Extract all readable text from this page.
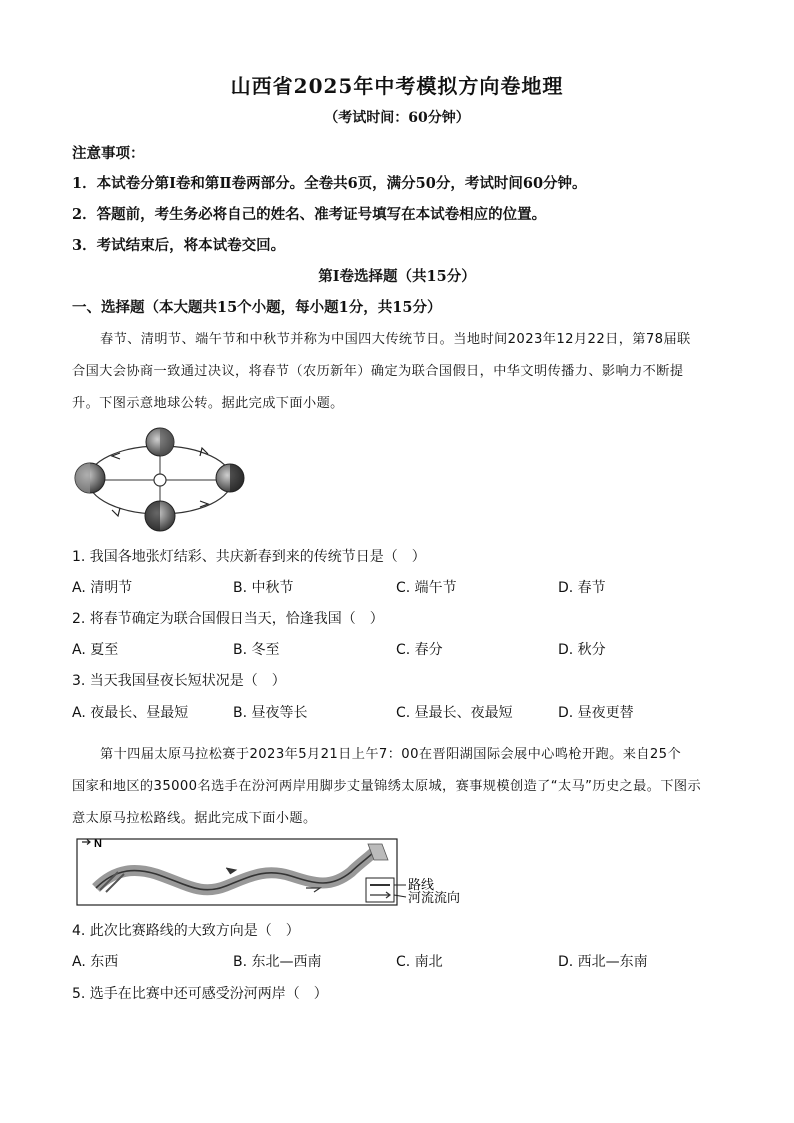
山西省2025年中考模拟方向卷地理
（考试时间：60分钟）
注意事项：
1．本试卷分第Ⅰ卷和第Ⅱ卷两部分。全卷共6页，满分50分，考试时间60分钟。
2．答题前，考生务必将自己的姓名、准考证号填写在本试卷相应的位置。
3．考试结束后，将本试卷交回。
第Ⅰ卷选择题（共15分）
一、选择题（本大题共15个小题，每小题1分，共15分）
春节、清明节、端午节和中秋节并称为中国四大传统节日。当地时间2023年12月22日，第78届联
合国大会协商一致通过决议，将春节（农历新年）确定为联合国假日，中华文明传播力、影响力不断提
升。下图示意地球公转。据此完成下面小题。
1. 我国各地张灯结彩、共庆新春到来的传统节日是（　）
A. 清明节	B. 中秋节	C. 端午节	D. 春节
2. 将春节确定为联合国假日当天，恰逢我国（　）
A. 夏至	B. 冬至	C. 春分	D. 秋分
3. 当天我国昼夜长短状况是（　）
A. 夜最长、昼最短	B. 昼夜等长	C. 昼最长、夜最短	D. 昼夜更替
第十四届太原马拉松赛于2023年5月21日上午7：00在晋阳湖国际会展中心鸣枪开跑。来自25个
国家和地区的35000名选手在汾河两岸用脚步丈量锦绣太原城，赛事规模创造了“太马”历史之最。下图示
意太原马拉松路线。据此完成下面小题。
N
路线
河流流向
4. 此次比赛路线的大致方向是（　）
A. 东西	B. 东北—西南	C. 南北	D. 西北—东南
5. 选手在比赛中还可感受汾河两岸（　）
